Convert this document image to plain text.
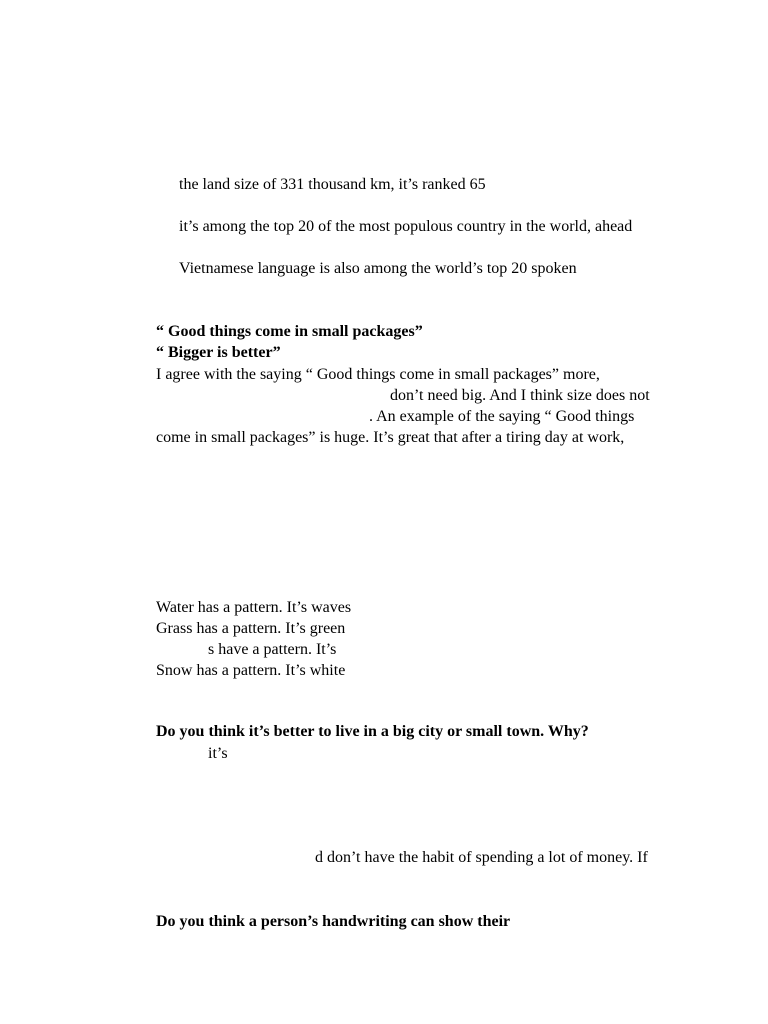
the land size of 331 thousand km, it’s ranked 65
it’s among the top 20 of the most populous country in the world, ahead
Vietnamese language is also among the world’s top 20 spoken
“ Good things come in small packages”
“ Bigger is better”
I agree with the saying “ Good things come in small packages” more,
don’t need big. And I think size does not
. An example of the saying “ Good things
come in small packages” is huge. It’s great that after a tiring day at work,
Water has a pattern. It’s waves
Grass has a pattern. It’s green
s have a pattern. It’s
Snow has a pattern. It’s white
Do you think it’s better to live in a big city or small town. Why?
it’s
d don’t have the habit of spending a lot of money. If
Do you think a person’s handwriting can show their
